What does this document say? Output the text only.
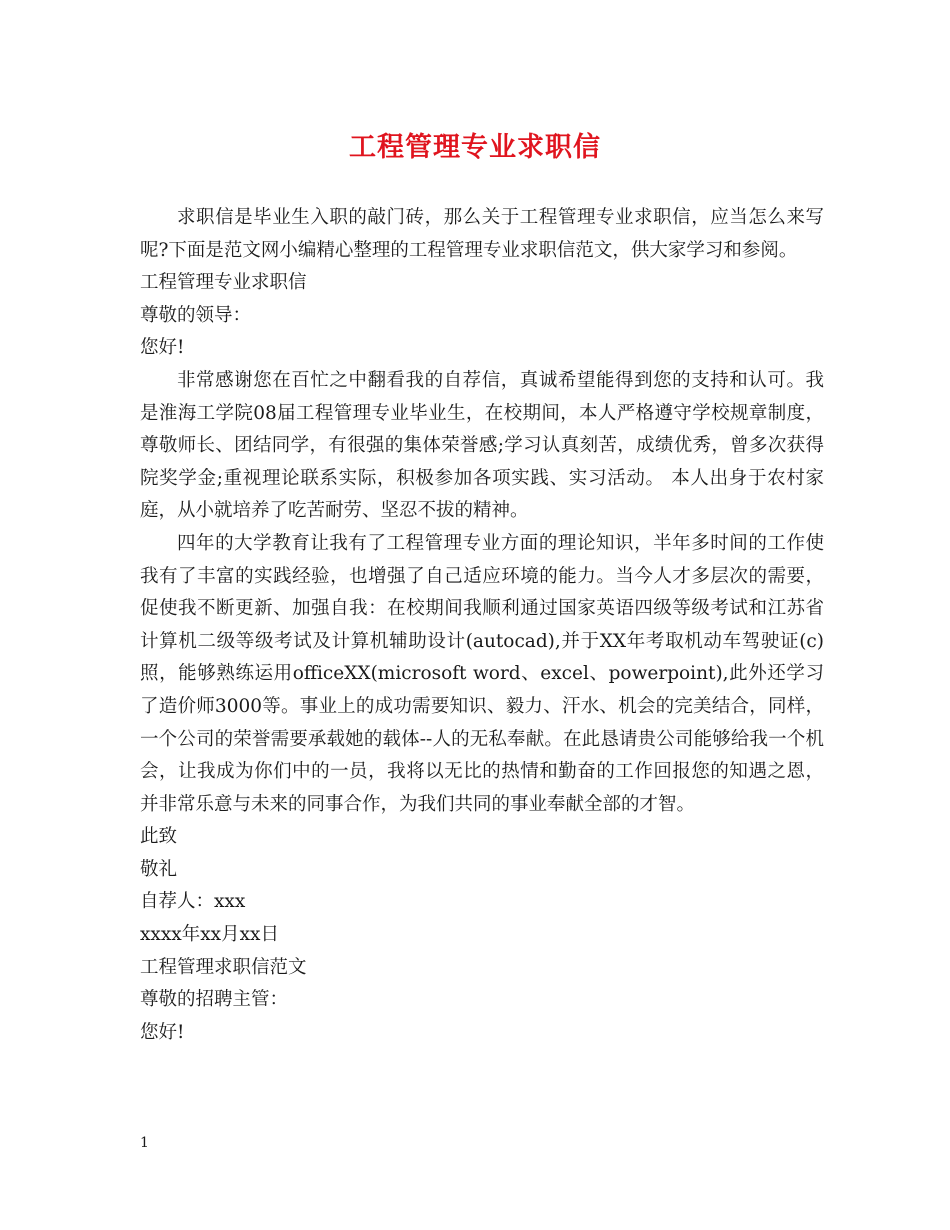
工程管理专业求职信

求职信是毕业生入职的敲门砖，那么关于工程管理专业求职信，应当怎么来写呢?下面是范文网小编精心整理的工程管理专业求职信范文，供大家学习和参阅。

工程管理专业求职信

尊敬的领导：

您好!

非常感谢您在百忙之中翻看我的自荐信，真诚希望能得到您的支持和认可。我是淮海工学院08届工程管理专业毕业生，在校期间，本人严格遵守学校规章制度，尊敬师长、团结同学，有很强的集体荣誉感;学习认真刻苦，成绩优秀，曾多次获得院奖学金;重视理论联系实际，积极参加各项实践、实习活动。 本人出身于农村家庭，从小就培养了吃苦耐劳、坚忍不拔的精神。

四年的大学教育让我有了工程管理专业方面的理论知识，半年多时间的工作使我有了丰富的实践经验，也增强了自己适应环境的能力。当今人才多层次的需要，促使我不断更新、加强自我：在校期间我顺利通过国家英语四级等级考试和江苏省计算机二级等级考试及计算机辅助设计(autocad),并于XX年考取机动车驾驶证(c)照，能够熟练运用officeXX(microsoft word、excel、powerpoint),此外还学习了造价师3000等。事业上的成功需要知识、毅力、汗水、机会的完美结合，同样，一个公司的荣誉需要承载她的载体--人的无私奉献。在此恳请贵公司能够给我一个机会，让我成为你们中的一员，我将以无比的热情和勤奋的工作回报您的知遇之恩，并非常乐意与未来的同事合作，为我们共同的事业奉献全部的才智。

此致

敬礼

自荐人：xxx

xxxx年xx月xx日

工程管理求职信范文

尊敬的招聘主管：

您好!

1
